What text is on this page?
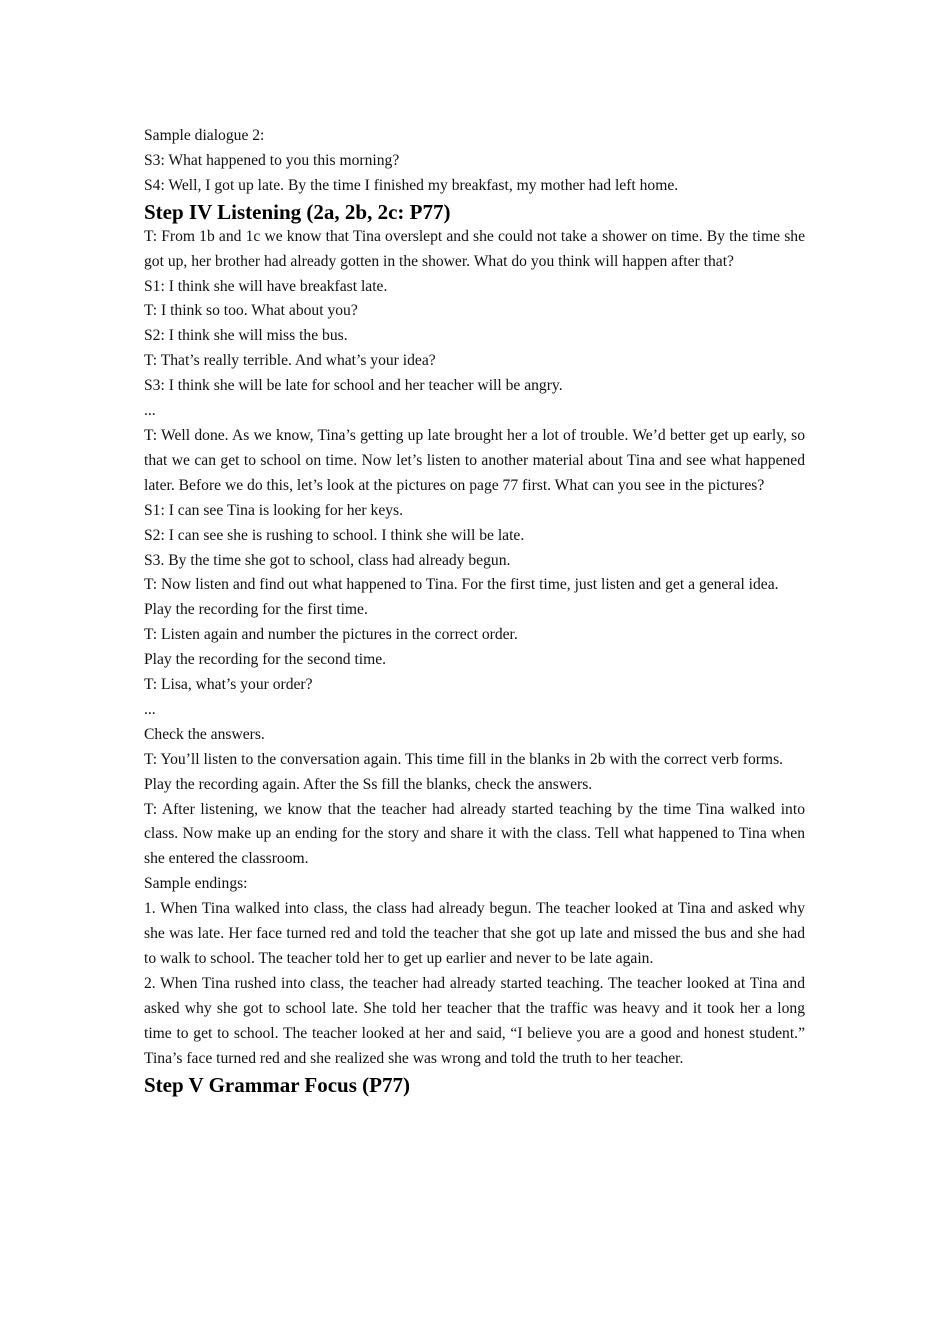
Sample dialogue 2:

S3: What happened to you this morning?

S4: Well, I got up late. By the time I finished my breakfast, my mother had left home.

Step IV Listening (2a, 2b, 2c: P77)

T: From 1b and 1c we know that Tina overslept and she could not take a shower on time. By the time she got up, her brother had already gotten in the shower. What do you think will happen after that?

S1: I think she will have breakfast late.

T: I think so too. What about you?

S2: I think she will miss the bus.

T: That’s really terrible. And what’s your idea?

S3: I think she will be late for school and her teacher will be angry.

...

T: Well done. As we know, Tina’s getting up late brought her a lot of trouble. We’d better get up early, so that we can get to school on time. Now let’s listen to another material about Tina and see what happened later. Before we do this, let’s look at the pictures on page 77 first. What can you see in the pictures?

S1: I can see Tina is looking for her keys.

S2: I can see she is rushing to school. I think she will be late.

S3. By the time she got to school, class had already begun.

T: Now listen and find out what happened to Tina. For the first time, just listen and get a general idea.

Play the recording for the first time.

T: Listen again and number the pictures in the correct order.

Play the recording for the second time.

T: Lisa, what’s your order?

...

Check the answers.

T: You’ll listen to the conversation again. This time fill in the blanks in 2b with the correct verb forms.

Play the recording again. After the Ss fill the blanks, check the answers.

T: After listening, we know that the teacher had already started teaching by the time Tina walked into class. Now make up an ending for the story and share it with the class. Tell what happened to Tina when she entered the classroom.

Sample endings:

1. When Tina walked into class, the class had already begun. The teacher looked at Tina and asked why she was late. Her face turned red and told the teacher that she got up late and missed the bus and she had to walk to school. The teacher told her to get up earlier and never to be late again.

2. When Tina rushed into class, the teacher had already started teaching. The teacher looked at Tina and asked why she got to school late. She told her teacher that the traffic was heavy and it took her a long time to get to school. The teacher looked at her and said, “I believe you are a good and honest student.” Tina’s face turned red and she realized she was wrong and told the truth to her teacher.

Step V Grammar Focus (P77)
